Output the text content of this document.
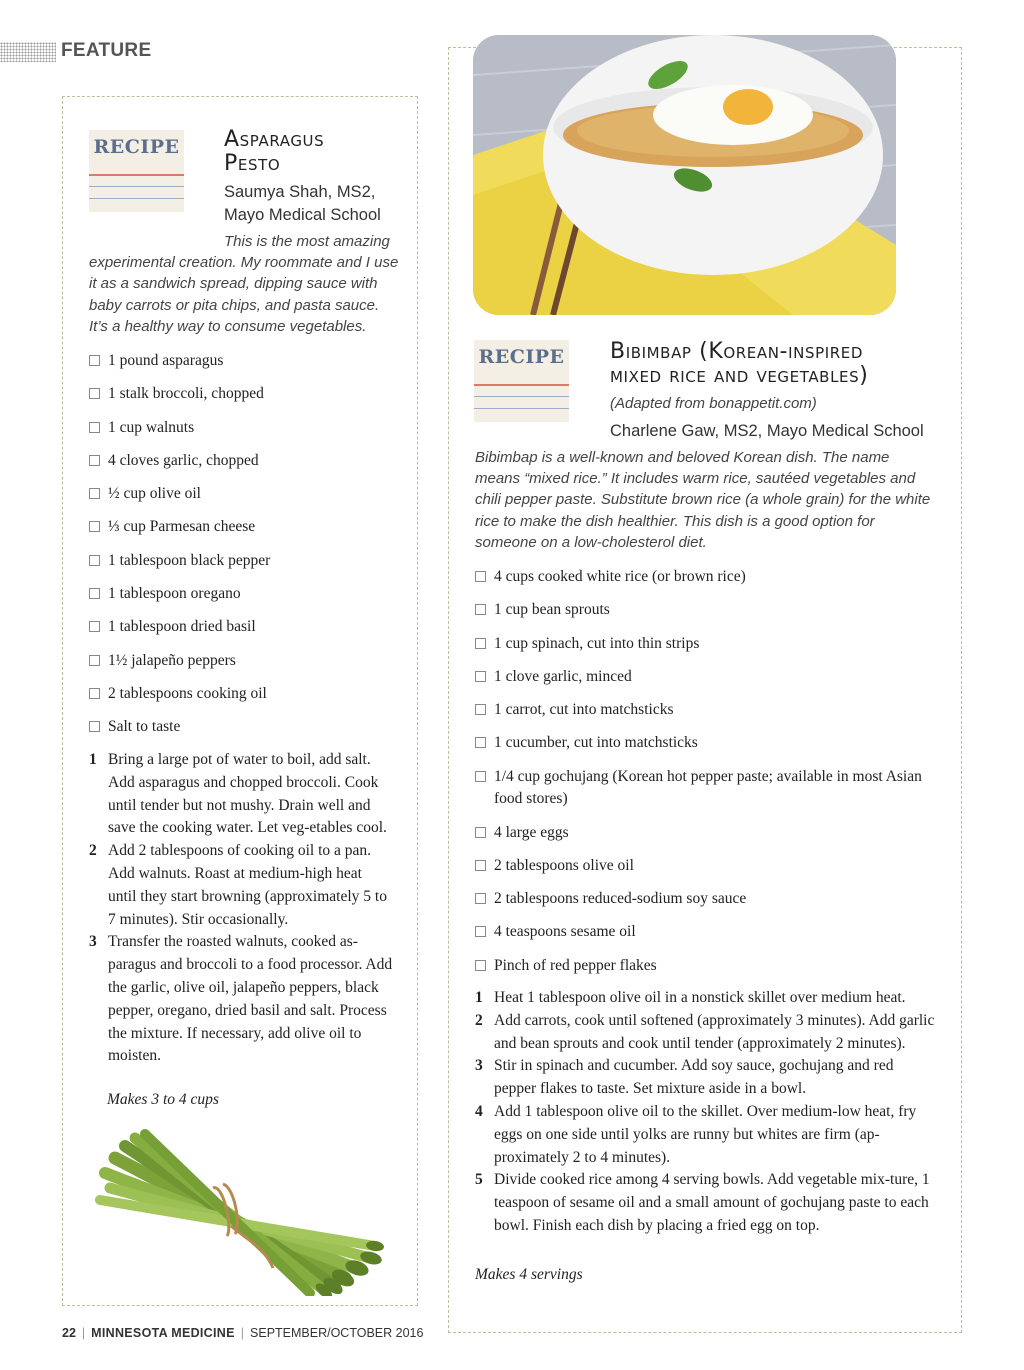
FEATURE
RECIPE Asparagus
Pesto
Saumya Shah, MS2,
Mayo Medical School
This is the most amazing
experimental creation. My roommate and I use it as a sandwich spread, dipping sauce with baby carrots or pita chips, and pasta sauce. It’s a healthy way to consume vegetables.
1 pound asparagus
1 stalk broccoli, chopped
1 cup walnuts
4 cloves garlic, chopped
½ cup olive oil
⅓ cup Parmesan cheese
1 tablespoon black pepper
1 tablespoon oregano
1 tablespoon dried basil
1½ jalapeño peppers
2 tablespoons cooking oil
Salt to taste
1 Bring a large pot of water to boil, add salt. Add asparagus and chopped broccoli. Cook until tender but not mushy. Drain well and save the cooking water. Let veg-etables cool.
2 Add 2 tablespoons of cooking oil to a pan. Add walnuts. Roast at medium-high heat until they start browning (approximately 5 to 7 minutes). Stir occasionally.
3 Transfer the roasted walnuts, cooked as-paragus and broccoli to a food processor. Add the garlic, olive oil, jalapeño peppers, black pepper, oregano, dried basil and salt. Process the mixture. If necessary, add olive oil to moisten.
Makes 3 to 4 cups
RECIPE Bibimbap (Korean-inspired
mixed rice and vegetables)
(Adapted from bonappetit.com)
Charlene Gaw, MS2, Mayo Medical School
Bibimbap is a well-known and beloved Korean dish. The name means “mixed rice.” It includes warm rice, sautéed vegetables and chili pepper paste. Substitute brown rice (a whole grain) for the white rice to make the dish healthier. This dish is a good option for someone on a low-cholesterol diet.
4 cups cooked white rice (or brown rice)
1 cup bean sprouts
1 cup spinach, cut into thin strips
1 clove garlic, minced
1 carrot, cut into matchsticks
1 cucumber, cut into matchsticks
1/4 cup gochujang (Korean hot pepper paste; available in most Asian food stores)
4 large eggs
2 tablespoons olive oil
2 tablespoons reduced-sodium soy sauce
4 teaspoons sesame oil
Pinch of red pepper flakes
1 Heat 1 tablespoon olive oil in a nonstick skillet over medium heat.
2 Add carrots, cook until softened (approximately 3 minutes). Add garlic and bean sprouts and cook until tender (approximately 2 minutes).
3 Stir in spinach and cucumber. Add soy sauce, gochujang and red pepper flakes to taste. Set mixture aside in a bowl.
4 Add 1 tablespoon olive oil to the skillet. Over medium-low heat, fry eggs on one side until yolks are runny but whites are firm (ap-proximately 2 to 4 minutes).
5 Divide cooked rice among 4 serving bowls. Add vegetable mix-ture, 1 teaspoon of sesame oil and a small amount of gochujang paste to each bowl. Finish each dish by placing a fried egg on top.
Makes 4 servings
22 | MINNESOTA MEDICINE | SEPTEMBER/OCTOBER 2016
